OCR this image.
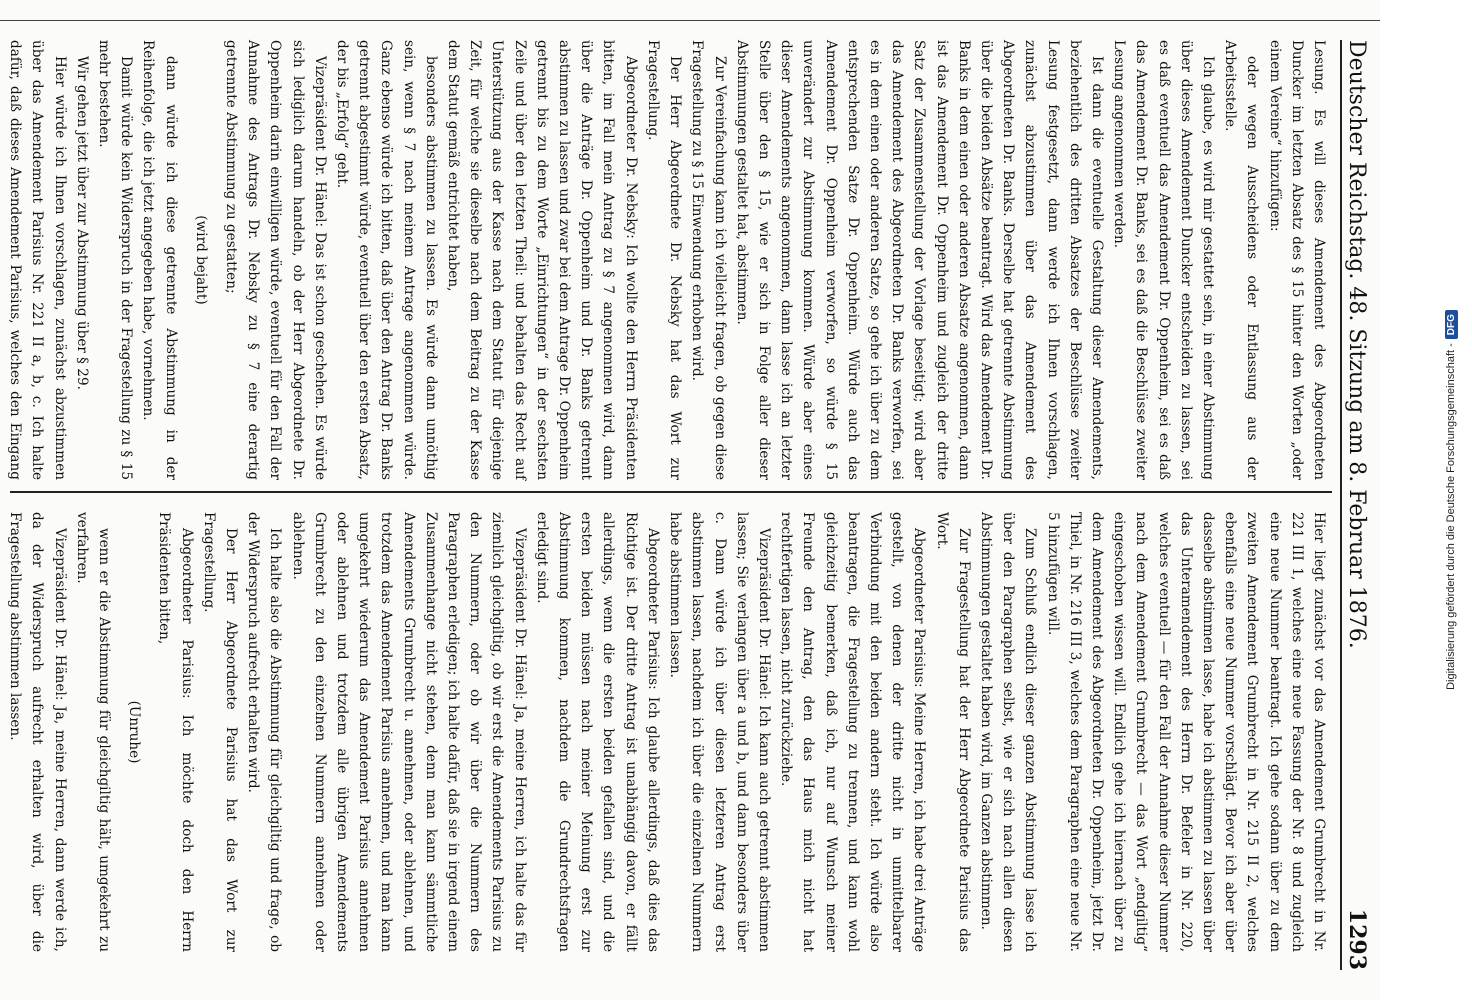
Deutscher Reichstag. 48. Sitzung am 8. Februar 1876.
1293

Lesung. Es will dieses Amendement des Abgeordneten Duncker im letzten Absatz des § 15 hinter den Worten „oder einem Vereine“ hinzufügen:

oder wegen Ausscheidens oder Entlassung aus der Arbeitsstelle.

Ich glaube, es wird mir gestattet sein, in einer Abstimmung über dieses Amendement Duncker entscheiden zu lassen, sei es daß eventuell das Amendement Dr. Oppenheim, sei es daß das Amendement Dr. Banks, sei es daß die Beschlüsse zweiter Lesung angenommen werden.

Ist dann die eventuelle Gestaltung dieser Amendements, beziehentlich des dritten Absatzes der Beschlüsse zweiter Lesung festgesetzt, dann werde ich Ihnen vorschlagen, zunächst abzustimmen über das Amendement des Abgeordneten Dr. Banks. Derselbe hat getrennte Abstimmung über die beiden Absätze beantragt. Wird das Amendement Dr. Banks in dem einen oder anderen Absatze angenommen, dann ist das Amendement Dr. Oppenheim und zugleich der dritte Satz der Zusammenstellung der Vorlage beseitigt; wird aber das Amendement des Abgeordneten Dr. Banks verworfen, sei es in dem einen oder anderen Satze, so gehe ich über zu dem entsprechenden Satze Dr. Oppenheim. Würde auch das Amendement Dr. Oppenheim verworfen, so würde § 15 unverändert zur Abstimmung kommen. Würde aber eines dieser Amendements angenommen, dann lasse ich an letzter Stelle über den § 15, wie er sich in Folge aller dieser Abstimmungen gestaltet hat, abstimmen.

Zur Vereinfachung kann ich vielleicht fragen, ob gegen diese Fragestellung zu § 15 Einwendung erhoben wird.

Der Herr Abgeordnete Dr. Nebsky hat das Wort zur Fragestellung.

Abgeordneter Dr. Nebsky: Ich wollte den Herrn Präsidenten bitten, im Fall mein Antrag zu § 7 angenommen wird, dann über die Anträge Dr. Oppenheim und Dr. Banks getrennt abstimmen zu lassen und zwar bei dem Antrage Dr. Oppenheim getrennt bis zu dem Worte „Einrichtungen“ in der sechsten Zeile und über den letzten Theil: und behalten das Recht auf Unterstützung aus der Kasse nach dem Statut für diejenige Zeit, für welche sie dieselbe nach dem Beitrag zu der Kasse dem Statut gemäß entrichtet haben,

besonders abstimmen zu lassen. Es würde dann unnöthig sein, wenn § 7 nach meinem Antrage angenommen würde. Ganz ebenso würde ich bitten, daß über den Antrag Dr. Banks getrennt abgestimmt würde, eventuell über den ersten Absatz, der bis „Erfolg“ geht.

Vizepräsident Dr. Hänel: Das ist schon geschehen. Es würde sich lediglich darum handeln, ob der Herr Abgeordnete Dr. Oppenheim darin einwilligen würde, eventuell für den Fall der Annahme des Antrags Dr. Nebsky zu § 7 eine derartig getrennte Abstimmung zu gestatten;

(wird bejaht)

dann würde ich diese getrennte Abstimmung in der Reihenfolge, die ich jetzt angegeben habe, vornehmen.

Damit würde kein Widerspruch in der Fragestellung zu § 15 mehr bestehen.

Wir gehen jetzt über zur Abstimmung über § 29.

Hier würde ich Ihnen vorschlagen, zunächst abzustimmen über das Amendement Parisius Nr. 221 II a, b, c. Ich halte dafür, daß dieses Amendement Parisius, welches den Eingang

Hier liegt zunächst vor das Amendement Grumbrecht in Nr. 221 III 1, welches eine neue Fassung der Nr. 8 und zugleich eine neue Nummer beantragt. Ich gehe sodann über zu dem zweiten Amendement Grumbrecht in Nr. 215 II 2, welches ebenfalls eine neue Nummer vorschlägt. Bevor ich aber über dasselbe abstimmen lasse, habe ich abstimmen zu lassen über das Unteramendement des Herrn Dr. Befeler in Nr. 220, welches eventuell — für den Fall der Annahme dieser Nummer nach dem Amendement Grumbrecht — das Wort „endgiltig“ eingeschoben wissen will. Endlich gehe ich hiernach über zu dem Amendement des Abgeordneten Dr. Oppenheim, jetzt Dr. Thiel, in Nr. 216 III 3, welches dem Paragraphen eine neue Nr. 5 hinzufügen will.

Zum Schluß endlich dieser ganzen Abstimmung lasse ich über den Paragraphen selbst, wie er sich nach allen diesen Abstimmungen gestaltet haben wird, im Ganzen abstimmen.

Zur Fragestellung hat der Herr Abgeordnete Parisius das Wort.

Abgeordneter Parisius: Meine Herren, ich habe drei Anträge gestellt, von denen der dritte nicht in unmittelbarer Verbindung mit den beiden andern steht. Ich würde also beantragen, die Fragestellung zu trennen, und kann wohl gleichzeitig bemerken, daß ich, nur auf Wunsch meiner Freunde den Antrag, den das Haus mich nicht hat rechtfertigen lassen, nicht zurückziehe.

Vizepräsident Dr. Hänel: Ich kann auch getrennt abstimmen lassen; Sie verlangen über a und b, und dann besonders über c. Dann würde ich über diesen letzteren Antrag erst abstimmen lassen, nachdem ich über die einzelnen Nummern habe abstimmen lassen.

Abgeordneter Parisius: Ich glaube allerdings, daß dies das Richtige ist. Der dritte Antrag ist unabhängig davon, er fällt allerdings, wenn die ersten beiden gefallen sind, und die ersten beiden müssen nach meiner Meinung erst zur Abstimmung kommen, nachdem die Grundrechtsfragen erledigt sind.

Vizepräsident Dr. Hänel: Ja, meine Herren, ich halte das für ziemlich gleichgiltig, ob wir erst die Amendements Parisius zu den Nummern, oder ob wir über die Nummern des Paragraphen erledigen; ich halte dafür, daß sie in irgend einem Zusammenhange nicht stehen, denn man kann sämmtliche Amendements Grumbrecht u. annehmen, oder ablehnen, und trotzdem das Amendement Parisius annehmen, und man kann umgekehrt wiederum das Amendement Parisius annehmen oder ablehnen und trotzdem alle übrigen Amendements Grumbrecht zu den einzelnen Nummern annehmen oder ablehnen.

Ich halte also die Abstimmung für gleichgiltig und frage, ob der Widerspruch aufrecht erhalten wird.

Der Herr Abgeordnete Parisius hat das Wort zur Fragestellung.

Abgeordneter Parisius: Ich möchte doch den Herrn Präsidenten bitten,

(Unruhe)

wenn er die Abstimmung für gleichgiltig hält, umgekehrt zu verfahren.

Vizepräsident Dr. Hänel: Ja, meine Herren, dann werde ich, da der Widerspruch aufrecht erhalten wird, über die Fragestellung abstimmen lassen.	Digitalisierung gefördert durch die Deutsche Forschungsgemeinschaft -
DFG
